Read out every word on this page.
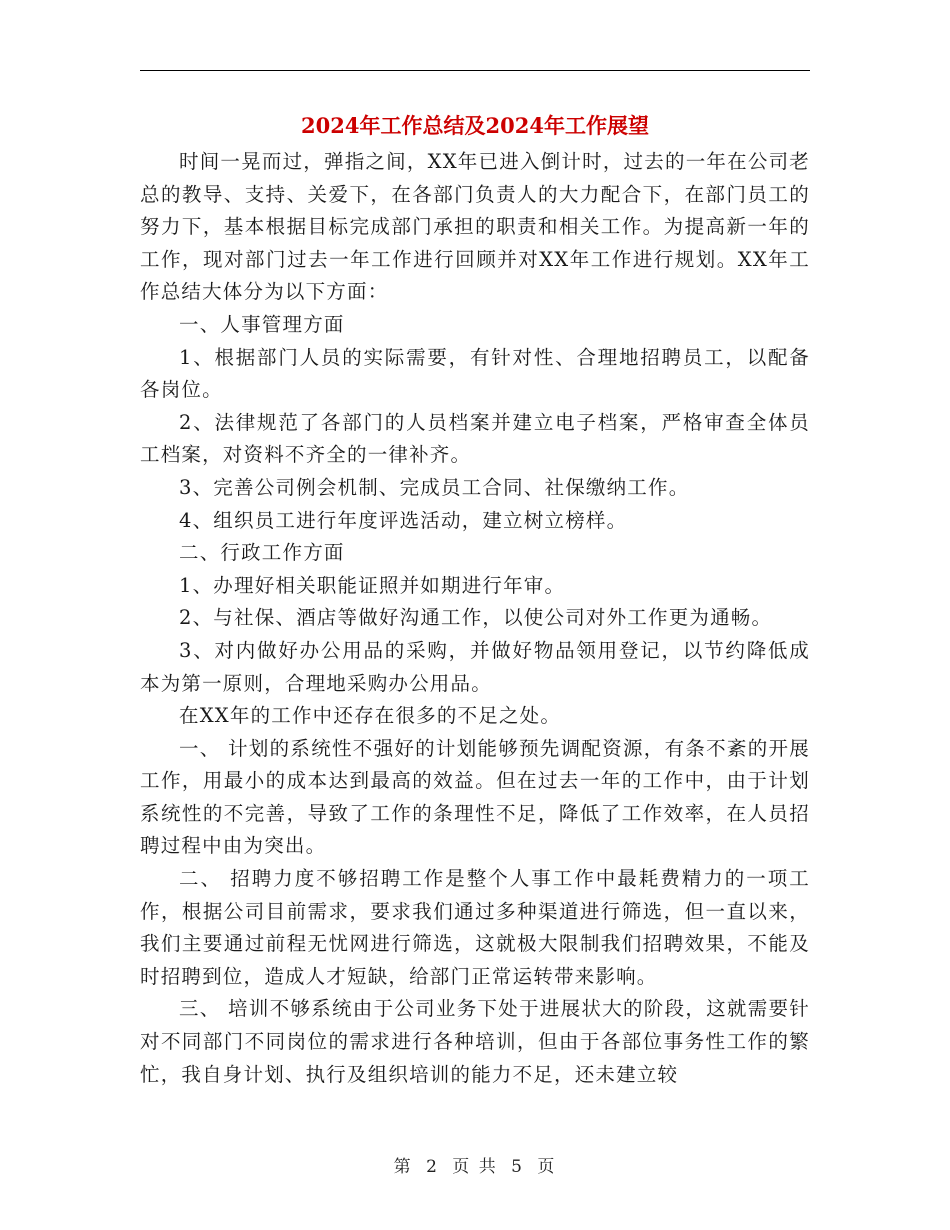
2024年工作总结及2024年工作展望

时间一晃而过，弹指之间，XX年已进入倒计时，过去的一年在公司老总的教导、支持、关爱下，在各部门负责人的大力配合下，在部门员工的努力下，基本根据目标完成部门承担的职责和相关工作。为提高新一年的工作，现对部门过去一年工作进行回顾并对XX年工作进行规划。XX年工作总结大体分为以下方面：

一、人事管理方面

1、根据部门人员的实际需要，有针对性、合理地招聘员工，以配备各岗位。

2、法律规范了各部门的人员档案并建立电子档案，严格审查全体员工档案，对资料不齐全的一律补齐。

3、完善公司例会机制、完成员工合同、社保缴纳工作。

4、组织员工进行年度评选活动，建立树立榜样。

二、行政工作方面

1、办理好相关职能证照并如期进行年审。

2、与社保、酒店等做好沟通工作，以使公司对外工作更为通畅。

3、对内做好办公用品的采购，并做好物品领用登记，以节约降低成本为第一原则，合理地采购办公用品。

在XX年的工作中还存在很多的不足之处。

一、 计划的系统性不强好的计划能够预先调配资源，有条不紊的开展工作，用最小的成本达到最高的效益。但在过去一年的工作中，由于计划系统性的不完善，导致了工作的条理性不足，降低了工作效率，在人员招聘过程中由为突出。

二、 招聘力度不够招聘工作是整个人事工作中最耗费精力的一项工作，根据公司目前需求，要求我们通过多种渠道进行筛选，但一直以来，我们主要通过前程无忧网进行筛选，这就极大限制我们招聘效果，不能及时招聘到位，造成人才短缺，给部门正常运转带来影响。

三、 培训不够系统由于公司业务下处于进展状大的阶段，这就需要针对不同部门不同岗位的需求进行各种培训，但由于各部位事务性工作的繁忙，我自身计划、执行及组织培训的能力不足，还未建立较

第 2 页 共 5 页
